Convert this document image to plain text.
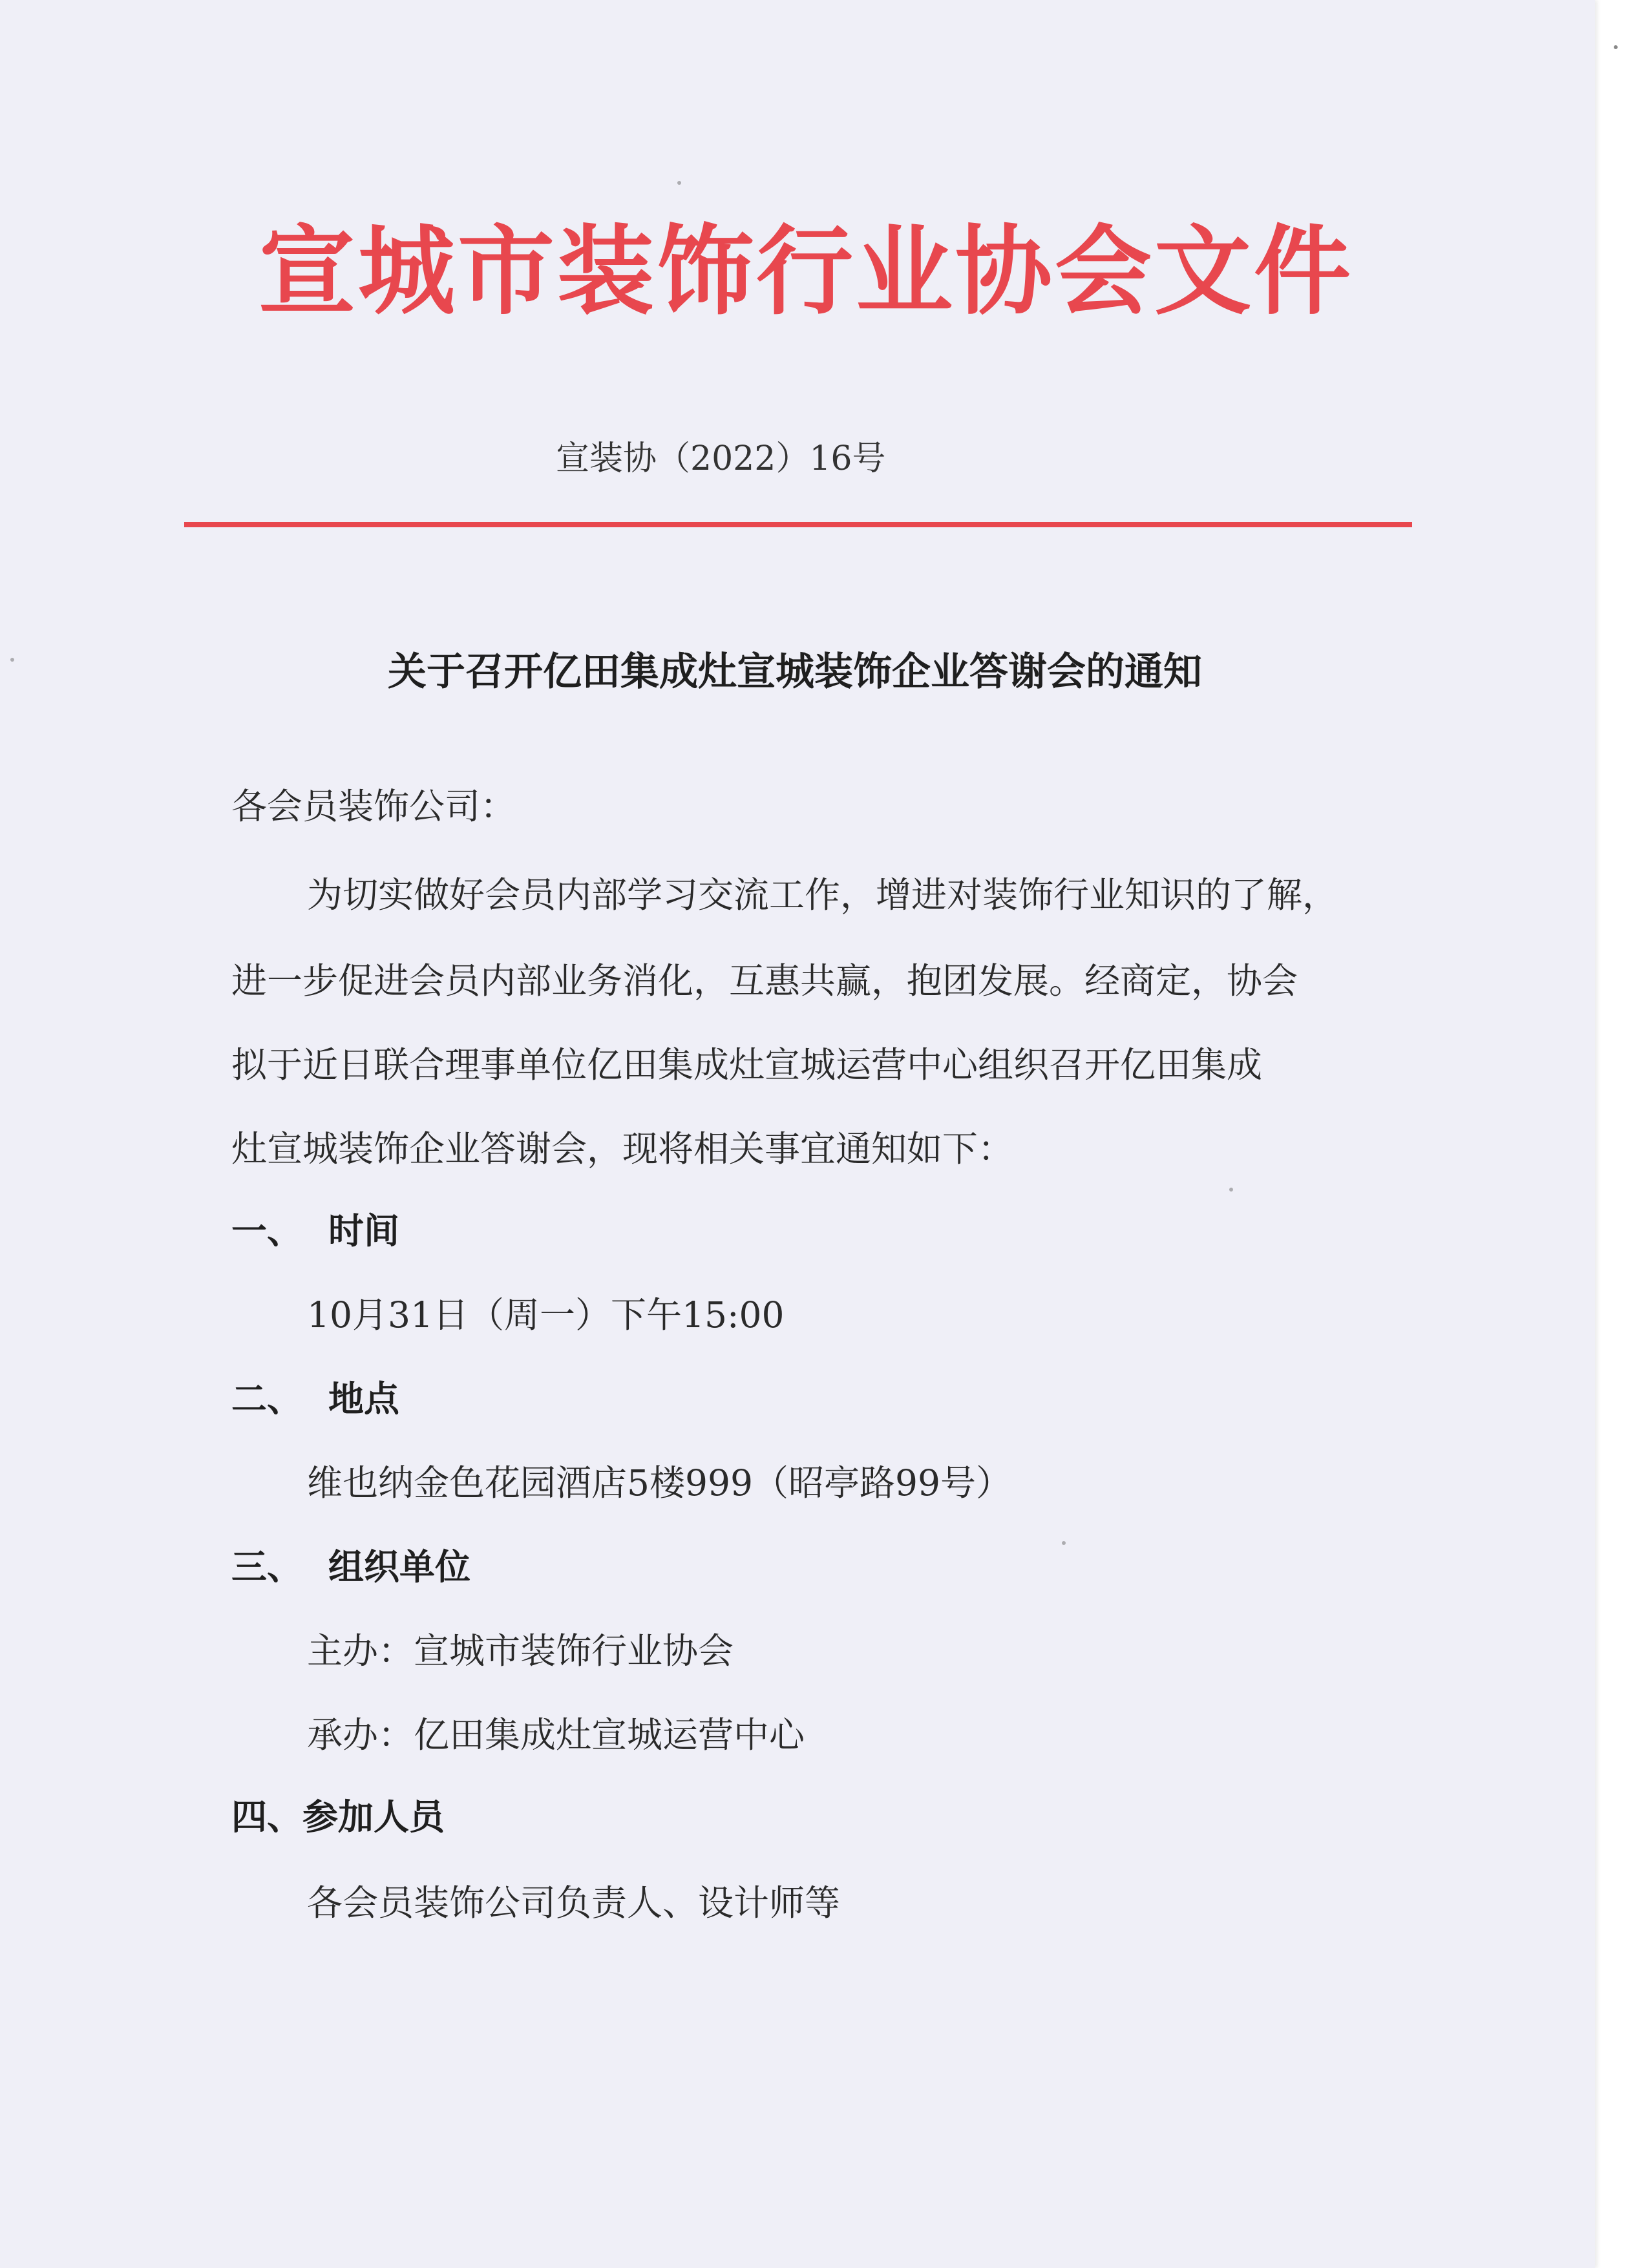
宣城市装饰行业协会文件
宣装协（2022）16号
关于召开亿田集成灶宣城装饰企业答谢会的通知
各会员装饰公司：
为切实做好会员内部学习交流工作，增进对装饰行业知识的了解，
进一步促进会员内部业务消化，互惠共赢，抱团发展。经商定，协会
拟于近日联合理事单位亿田集成灶宣城运营中心组织召开亿田集成
灶宣城装饰企业答谢会，现将相关事宜通知如下：
一、 时间
10月31日（周一）下午15:00
二、 地点
维也纳金色花园酒店5楼999（昭亭路99号）
三、 组织单位
主办：宣城市装饰行业协会
承办：亿田集成灶宣城运营中心
四、参加人员
各会员装饰公司负责人、设计师等
